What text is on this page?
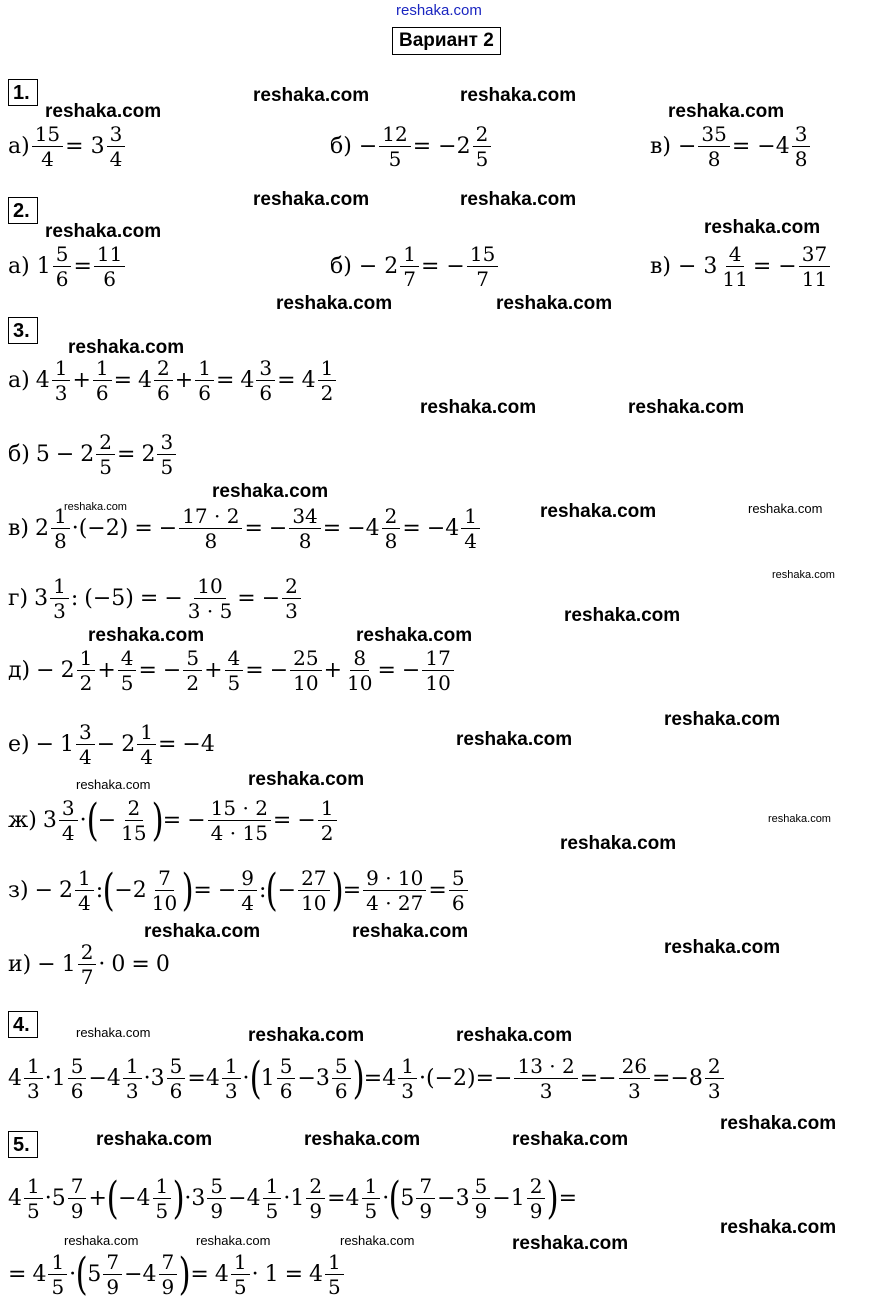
reshaka.com
Вариант 2
reshaka.com
reshaka.com	reshaka.com
reshaka.com
reshaka.com
reshaka.com	reshaka.com
reshaka.com
reshaka.com	reshaka.com
reshaka.com
reshaka.com	reshaka.com
reshaka.com
reshaka.com
reshaka.com	reshaka.com
reshaka.com
reshaka.com
reshaka.com	reshaka.com
reshaka.com
reshaka.com
reshaka.com
reshaka.com
reshaka.com
reshaka.com
reshaka.com	reshaka.com
reshaka.com
reshaka.com	reshaka.com	reshaka.com
reshaka.com
reshaka.com	reshaka.com	reshaka.com
reshaka.com
reshaka.com	reshaka.com	reshaka.com	reshaka.com
1.
$а) \frac{15}{4} = 3 \frac{3}{4}$	$б) - \frac{12}{5} = -2 \frac{2}{5}$	$в) - \frac{35}{8} = -4 \frac{3}{8}$
2.
а) $1 \frac{5}{6} = \frac{11}{6}$	$б) - 2 \frac{1}{7}$ = − $\frac{15}{7}$	$в) - 3 \frac{4}{11}$ = − $\frac{37}{11}$
3.
а) $4 \frac{1}{3} + \frac{1}{6} = 4 \frac{2}{6} + \frac{1}{6} = 4 \frac{3}{6} = 4 \frac{1}{2}$
б) $5 - 2 \frac{2}{5} = 2 \frac{3}{5}$
в) $2 \frac{1}{8}$ · ( −2 ) = − $\frac{17 \cdot 2}{8}$ = − $\frac{34}{8} = -4 \frac{2}{8} = -4 \frac{1}{4}$
г) $3 \frac{1}{3}$ : ( −5 ) = − $\frac{10}{3 \cdot 5}$ = − $\frac{2}{3}$
$д) - 2 \frac{1}{2} + \frac{4}{5}$ = − $\frac{5}{2} + \frac{4}{5}$ = − $\frac{25}{10} + \frac{8}{10}$ = − $\frac{17}{10}$
$е) - 1 \frac{3}{4} - 2 \frac{1}{4} = -4$
ж) $3 \frac{3}{4}$ · ( − $\frac{2}{15}$ ) = − $\frac{15 \cdot 2}{4 \cdot 15}$ = − $\frac{1}{2}$
$з) - 2 \frac{1}{4}$ : ( $-2 \frac{7}{10}$ ) = − $\frac{9}{4}$ : ( − $\frac{27}{10}$ ) = $\frac{9 \cdot 10}{4 \cdot 27} = \frac{5}{6}$
$и) - 1 \frac{2}{7} \cdot 0 = 0$
4.
$4 \frac{1}{3} \cdot 1 \frac{5}{6} - 4 \frac{1}{3} \cdot 3 \frac{5}{6} = 4 \frac{1}{3}$ · ( $1 \frac{5}{6} - 3 \frac{5}{6}$ ) = $4 \frac{1}{3}$ · ( −2 ) = − $\frac{13 \cdot 2}{3}$ = − $\frac{26}{3} = -8 \frac{2}{3}$
5.
$4 \frac{1}{5} \cdot 5 \frac{7}{9}$ + ( $-4 \frac{1}{5}$ ) · $3 \frac{5}{9} - 4 \frac{1}{5} \cdot 1 \frac{2}{9} = 4 \frac{1}{5}$ · ( $5 \frac{7}{9} - 3 \frac{5}{9} - 1 \frac{2}{9}$ ) =
= $4 \frac{1}{5}$ · ( $5 \frac{7}{9} - 4 \frac{7}{9}$ ) = $4 \frac{1}{5} \cdot 1 = 4 \frac{1}{5}$
